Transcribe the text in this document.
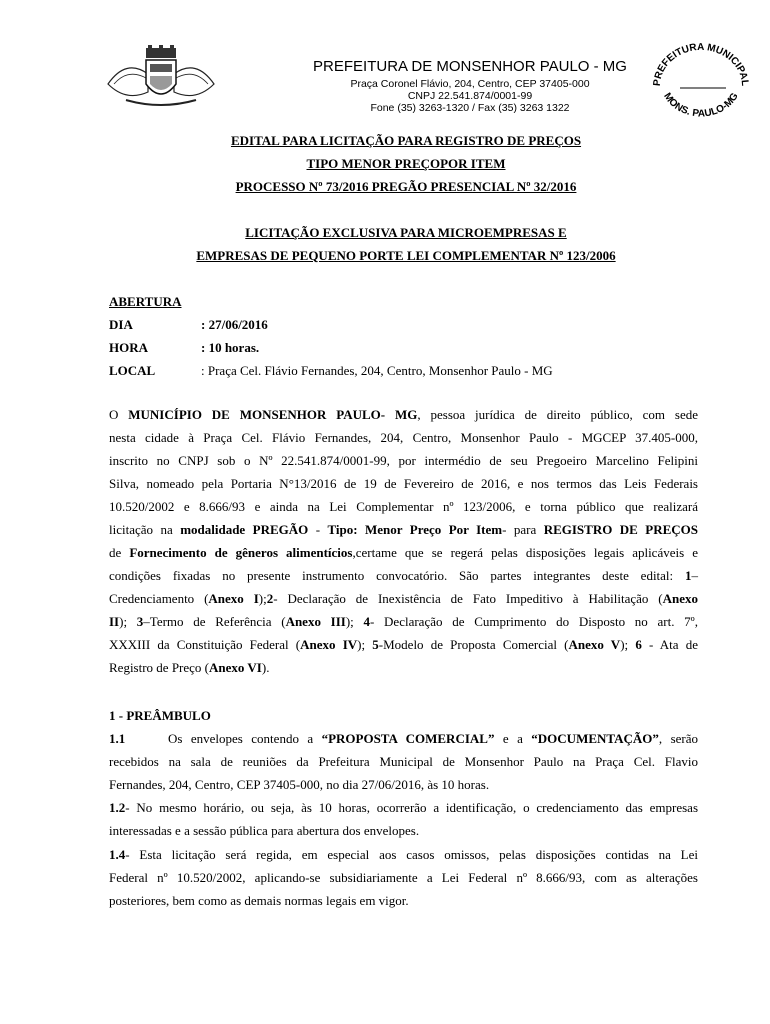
PREFEITURA DE MONSENHOR PAULO - MG
Praça Coronel Flávio, 204, Centro, CEP 37405-000
CNPJ 22.541.874/0001-99
Fone (35) 3263-1320 / Fax (35) 3263 1322
PREFEITURA MUNICIPAL
MONS. PAULO-MG
EDITAL PARA LICITAÇÃO PARA REGISTRO DE PREÇOS
TIPO MENOR PREÇOPOR ITEM
PROCESSO Nº 73/2016 PREGÃO PRESENCIAL Nº 32/2016
LICITAÇÃO EXCLUSIVA PARA MICROEMPRESAS E
EMPRESAS DE PEQUENO PORTE LEI COMPLEMENTAR Nº 123/2006
ABERTURA
DIA	: 27/06/2016
HORA	: 10 horas.
LOCAL	: Praça Cel. Flávio Fernandes, 204, Centro, Monsenhor Paulo - MG
O MUNICÍPIO DE MONSENHOR PAULO- MG, pessoa jurídica de direito público, com sede
nesta cidade à Praça Cel. Flávio Fernandes, 204, Centro, Monsenhor Paulo - MGCEP 37.405-000,
inscrito no CNPJ sob o Nº 22.541.874/0001-99, por intermédio de seu Pregoeiro Marcelino Felipini
Silva, nomeado pela Portaria N°13/2016 de 19 de Fevereiro de 2016, e nos termos das Leis Federais
10.520/2002 e 8.666/93 e ainda na Lei Complementar nº 123/2006, e torna público que realizará
licitação na modalidade PREGÃO - Tipo: Menor Preço Por Item- para REGISTRO DE PREÇOS
de Fornecimento de gêneros alimentícios,certame que se regerá pelas disposições legais aplicáveis e
condições fixadas no presente instrumento convocatório. São partes integrantes deste edital: 1–
Credenciamento (Anexo I);2- Declaração de Inexistência de Fato Impeditivo à Habilitação (Anexo
II); 3–Termo de Referência (Anexo III); 4- Declaração de Cumprimento do Disposto no art. 7º,
XXXIII da Constituição Federal (Anexo IV); 5-Modelo de Proposta Comercial (Anexo V); 6 - Ata de
Registro de Preço (Anexo VI).
1 - PREÂMBULO
1.1	Os envelopes contendo a “PROPOSTA COMERCIAL” e a “DOCUMENTAÇÃO”, serão
recebidos na sala de reuniões da Prefeitura Municipal de Monsenhor Paulo na Praça Cel. Flavio
Fernandes, 204, Centro, CEP 37405-000, no dia 27/06/2016, às 10 horas.
1.2- No mesmo horário, ou seja, às 10 horas, ocorrerão a identificação, o credenciamento das empresas
interessadas e a sessão pública para abertura dos envelopes.
1.4- Esta licitação será regida, em especial aos casos omissos, pelas disposições contidas na Lei
Federal nº 10.520/2002, aplicando-se subsidiariamente a Lei Federal nº 8.666/93, com as alterações
posteriores, bem como as demais normas legais em vigor.
